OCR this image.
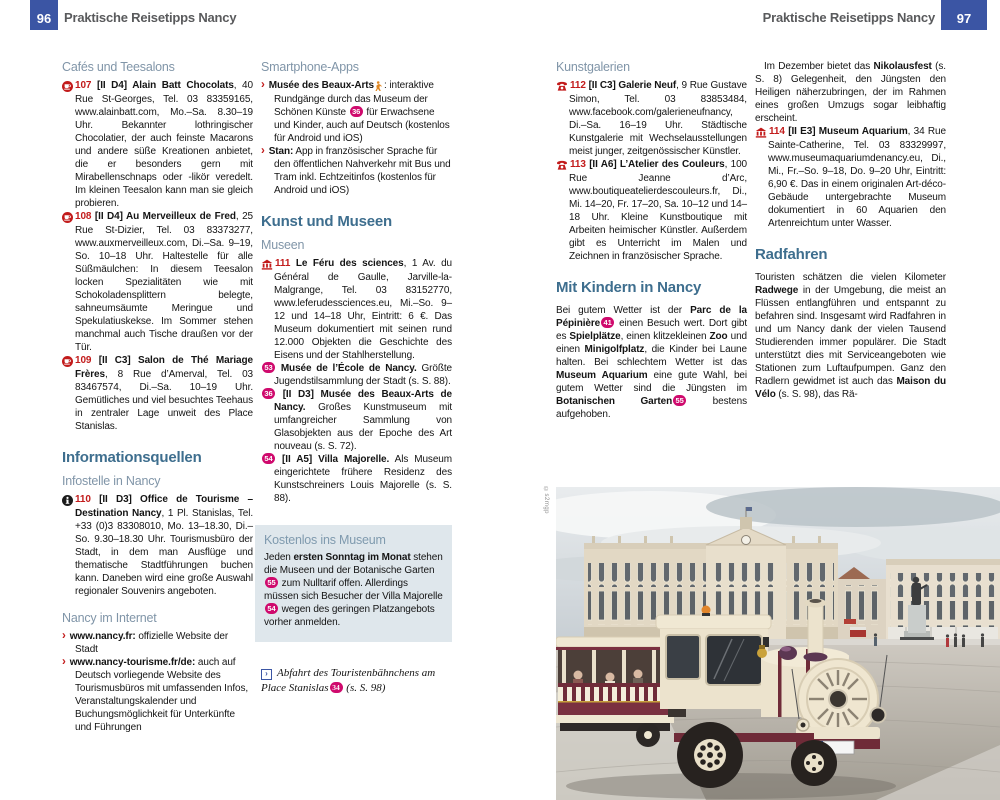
96 Praktische Reisetipps Nancy	Praktische Reisetipps Nancy 97
Cafés und Teesalons
107 [II D4] Alain Batt Chocolats, 40 Rue St-Georges, Tel. 03 83359165, www.alainbatt.com, Mo.–Sa. 8.30–19 Uhr. Bekannter lothringischer Chocolatier, der auch feinste Macarons und andere süße Kreationen anbietet, die er besonders gern mit Mirabellenschnaps oder -likör veredelt. Im kleinen Teesalon kann man sie gleich probieren.
108 [II D4] Au Merveilleux de Fred, 25 Rue St-Dizier, Tel. 03 83373277, www.auxmerveilleux.com, Di.–Sa. 9–19, So. 10–18 Uhr. Haltestelle für alle Süßmäulchen: In diesem Teesalon locken Spezialitäten wie mit Schokoladensplittern belegte, sahneumsäumte Meringue und Spekulatiuskekse. Im Sommer stehen manchmal auch Tische draußen vor der Tür.
109 [II C3] Salon de Thé Mariage Frères, 8 Rue d’Amerval, Tel. 03 83467574, Di.–Sa. 10–19 Uhr. Gemütliches und viel besuchtes Teehaus in zentraler Lage unweit des Place Stanislas.
Informationsquellen
Infostelle in Nancy
110 [II D3] Office de Tourisme – Destination Nancy, 1 Pl. Stanislas, Tel. +33 (0)3 83308010, Mo. 13–18.30, Di.–So. 9.30–18.30 Uhr. Tourismusbüro der Stadt, in dem man Ausflüge und thematische Stadtführungen buchen kann. Daneben wird eine große Auswahl regionaler Souvenirs angeboten.
Nancy im Internet
› www.nancy.fr: offizielle Website der Stadt
› www.nancy-tourisme.fr/de: auch auf Deutsch vorliegende Website des Tourismusbüros mit umfassenden Infos, Veranstaltungskalender und Buchungsmöglichkeit für Unterkünfte und Führungen
Smartphone-Apps
› Musée des Beaux-Arts : interaktive Rundgänge durch das Museum der Schönen Künste 36 für Erwachsene und Kinder, auch auf Deutsch (kostenlos für Android und iOS)
› Stan: App in französischer Sprache für den öffentlichen Nahverkehr mit Bus und Tram inkl. Echtzeitinfos (kostenlos für Android und iOS)
Kunst und Museen
Museen
111 Le Féru des sciences, 1 Av. du Général de Gaulle, Jarville-la-Malgrange, Tel. 03 83152770, www.leferudessciences.eu, Mi.–So. 9–12 und 14–18 Uhr, Eintritt: 6 €. Das Museum dokumentiert mit seinen rund 12.000 Objekten die Geschichte des Eisens und der Stahlherstellung.
53 Musée de l’École de Nancy. Größte Jugendstilsammlung der Stadt (s. S. 88).
36 [II D3] Musée des Beaux-Arts de Nancy. Großes Kunstmuseum mit umfangreicher Sammlung von Glasobjekten aus der Epoche des Art nouveau (s. S. 72).
54 [II A5] Villa Majorelle. Als Museum eingerichtete frühere Residenz des Kunstschreiners Louis Majorelle (s. S. 88).
Kostenlos ins Museum
Jeden ersten Sonntag im Monat stehen die Museen und der Botanische Garten 55 zum Nulltarif offen. Allerdings müssen sich Besucher der Villa Majorelle 54 wegen des geringen Platzangebots vorher anmelden.
› Abfahrt des Touristenbähnchens am Place Stanislas 34 (s. S. 98)
Kunstgalerien
112 [II C3] Galerie Neuf, 9 Rue Gustave Simon, Tel. 03 83853484, www.facebook.com/galerieneufnancy, Di.–Sa. 16–19 Uhr. Städtische Kunstgalerie mit Wechselausstellungen meist junger, zeitgenössischer Künstler.
113 [II A6] L’Atelier des Couleurs, 100 Rue Jeanne d’Arc, www.boutiqueatelierdescouleurs.fr, Di., Mi. 14–20, Fr. 17–20, Sa. 10–12 und 14–18 Uhr. Kleine Kunstboutique mit Arbeiten heimischer Künstler. Außerdem gibt es Unterricht im Malen und Zeichnen in französischer Sprache.
Mit Kindern in Nancy
Bei gutem Wetter ist der Parc de la Pépinière 41 einen Besuch wert. Dort gibt es Spielplätze, einen klitzekleinen Zoo und einen Minigolfplatz, die Kinder bei Laune halten. Bei schlechtem Wetter ist das Museum Aquarium eine gute Wahl, bei gutem Wetter sind die Jüngsten im Botanischen Garten 55 bestens aufgehoben.
Im Dezember bietet das Nikolausfest (s. S. 8) Gelegenheit, den Jüngsten den Heiligen näherzubringen, der im Rahmen eines großen Umzugs sogar leibhaftig erscheint.
114 [II E3] Museum Aquarium, 34 Rue Sainte-Catherine, Tel. 03 83329997, www.museumaquariumdenancy.eu, Di., Mi., Fr.–So. 9–18, Do. 9–20 Uhr, Eintritt: 6,90 €. Das in einem originalen Art-déco-Gebäude untergebrachte Museum dokumentiert in 60 Aquarien den Artenreichtum unter Wasser.
Radfahren
Touristen schätzen die vielen Kilometer Radwege in der Umgebung, die meist an Flüssen entlangführen und entspannt zu befahren sind. Insgesamt wird Radfahren in und um Nancy dank der vielen Tausend Studierenden immer populärer. Die Stadt unterstützt dies mit Serviceangeboten wie Stationen zum Luftaufpumpen. Ganz den Radlern gewidmet ist auch das Maison du Vélo (s. S. 98), das Rä-
©s2mgp
